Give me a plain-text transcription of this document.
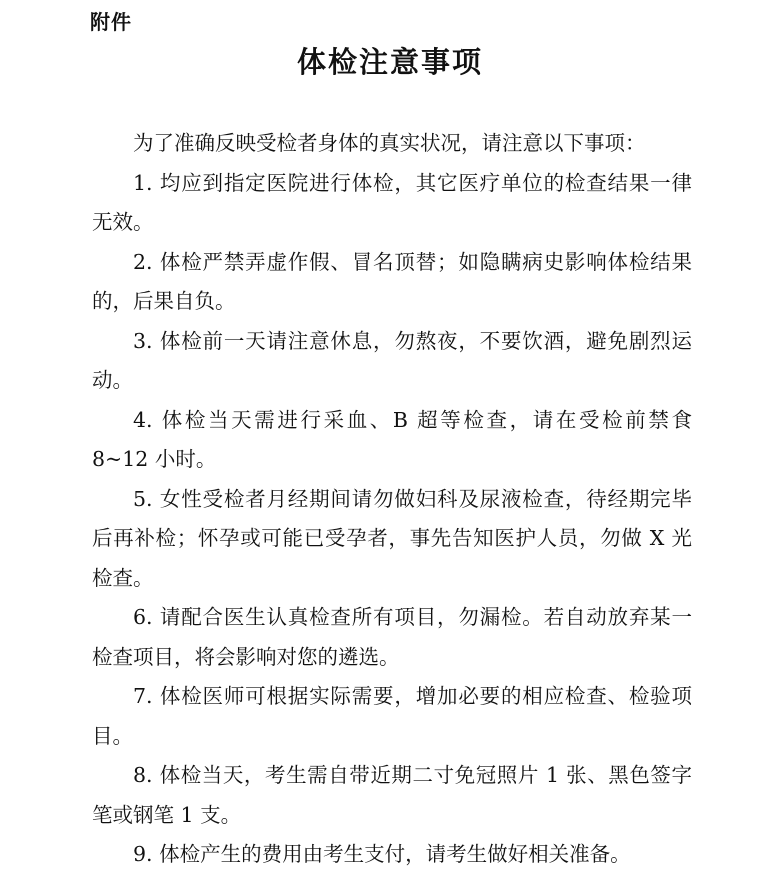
附件
体检注意事项

为了准确反映受检者身体的真实状况，请注意以下事项：

1. 均应到指定医院进行体检，其它医疗单位的检查结果一律无效。

2. 体检严禁弄虚作假、冒名顶替；如隐瞒病史影响体检结果的，后果自负。

3. 体检前一天请注意休息，勿熬夜，不要饮酒，避免剧烈运动。

4. 体检当天需进行采血、B 超等检查，请在受检前禁食 8~12 小时。

5. 女性受检者月经期间请勿做妇科及尿液检查，待经期完毕后再补检；怀孕或可能已受孕者，事先告知医护人员，勿做 X 光检查。

6. 请配合医生认真检查所有项目，勿漏检。若自动放弃某一检查项目，将会影响对您的遴选。

7. 体检医师可根据实际需要，增加必要的相应检查、检验项目。

8. 体检当天，考生需自带近期二寸免冠照片 1 张、黑色签字笔或钢笔 1 支。

9. 体检产生的费用由考生支付，请考生做好相关准备。
